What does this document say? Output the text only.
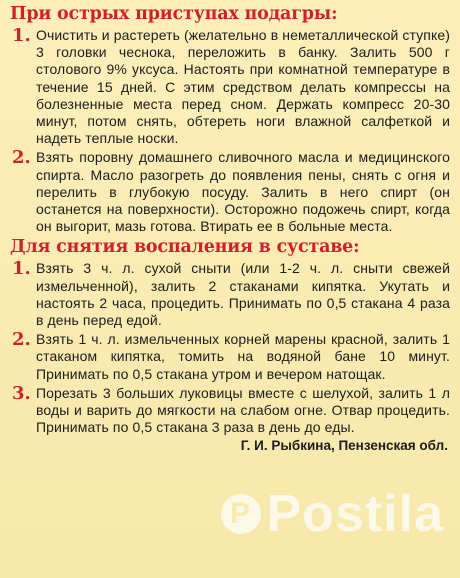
При острых приступах подагры:
1. Очистить и растереть (желательно в неметаллической ступке) 3 головки чеснока, переложить в банку. Залить 500 г столового 9% уксуса. Настоять при комнатной температуре в течение 15 дней. С этим средством делать компрессы на болезненные места перед сном. Держать компресс 20-30 минут, потом снять, обтереть ноги влажной салфеткой и надеть теплые носки.
2. Взять поровну домашнего сливочного масла и медицинского спирта. Масло разогреть до появления пены, снять с огня и перелить в глубокую посуду. Залить в него спирт (он останется на поверхности). Осторожно подожечь спирт, когда он выгорит, мазь готова. Втирать ее в больные места.
Для снятия воспаления в суставе:
1. Взять 3 ч. л. сухой сныти (или 1-2 ч. л. сныти свежей измельченной), залить 2 стаканами кипятка. Укутать и настоять 2 часа, процедить. Принимать по 0,5 стакана 4 раза в день перед едой.
2. Взять 1 ч. л. измельченных корней марены красной, залить 1 стаканом кипятка, томить на водяной бане 10 минут. Принимать по 0,5 стакана утром и вечером натощак.
3. Порезать 3 больших луковицы вместе с шелухой, залить 1 л воды и варить до мягкости на слабом огне. Отвар процедить. Принимать по 0,5 стакана 3 раза в день до еды.
Г. И. Рыбкина, Пензенская обл.
P Postila
